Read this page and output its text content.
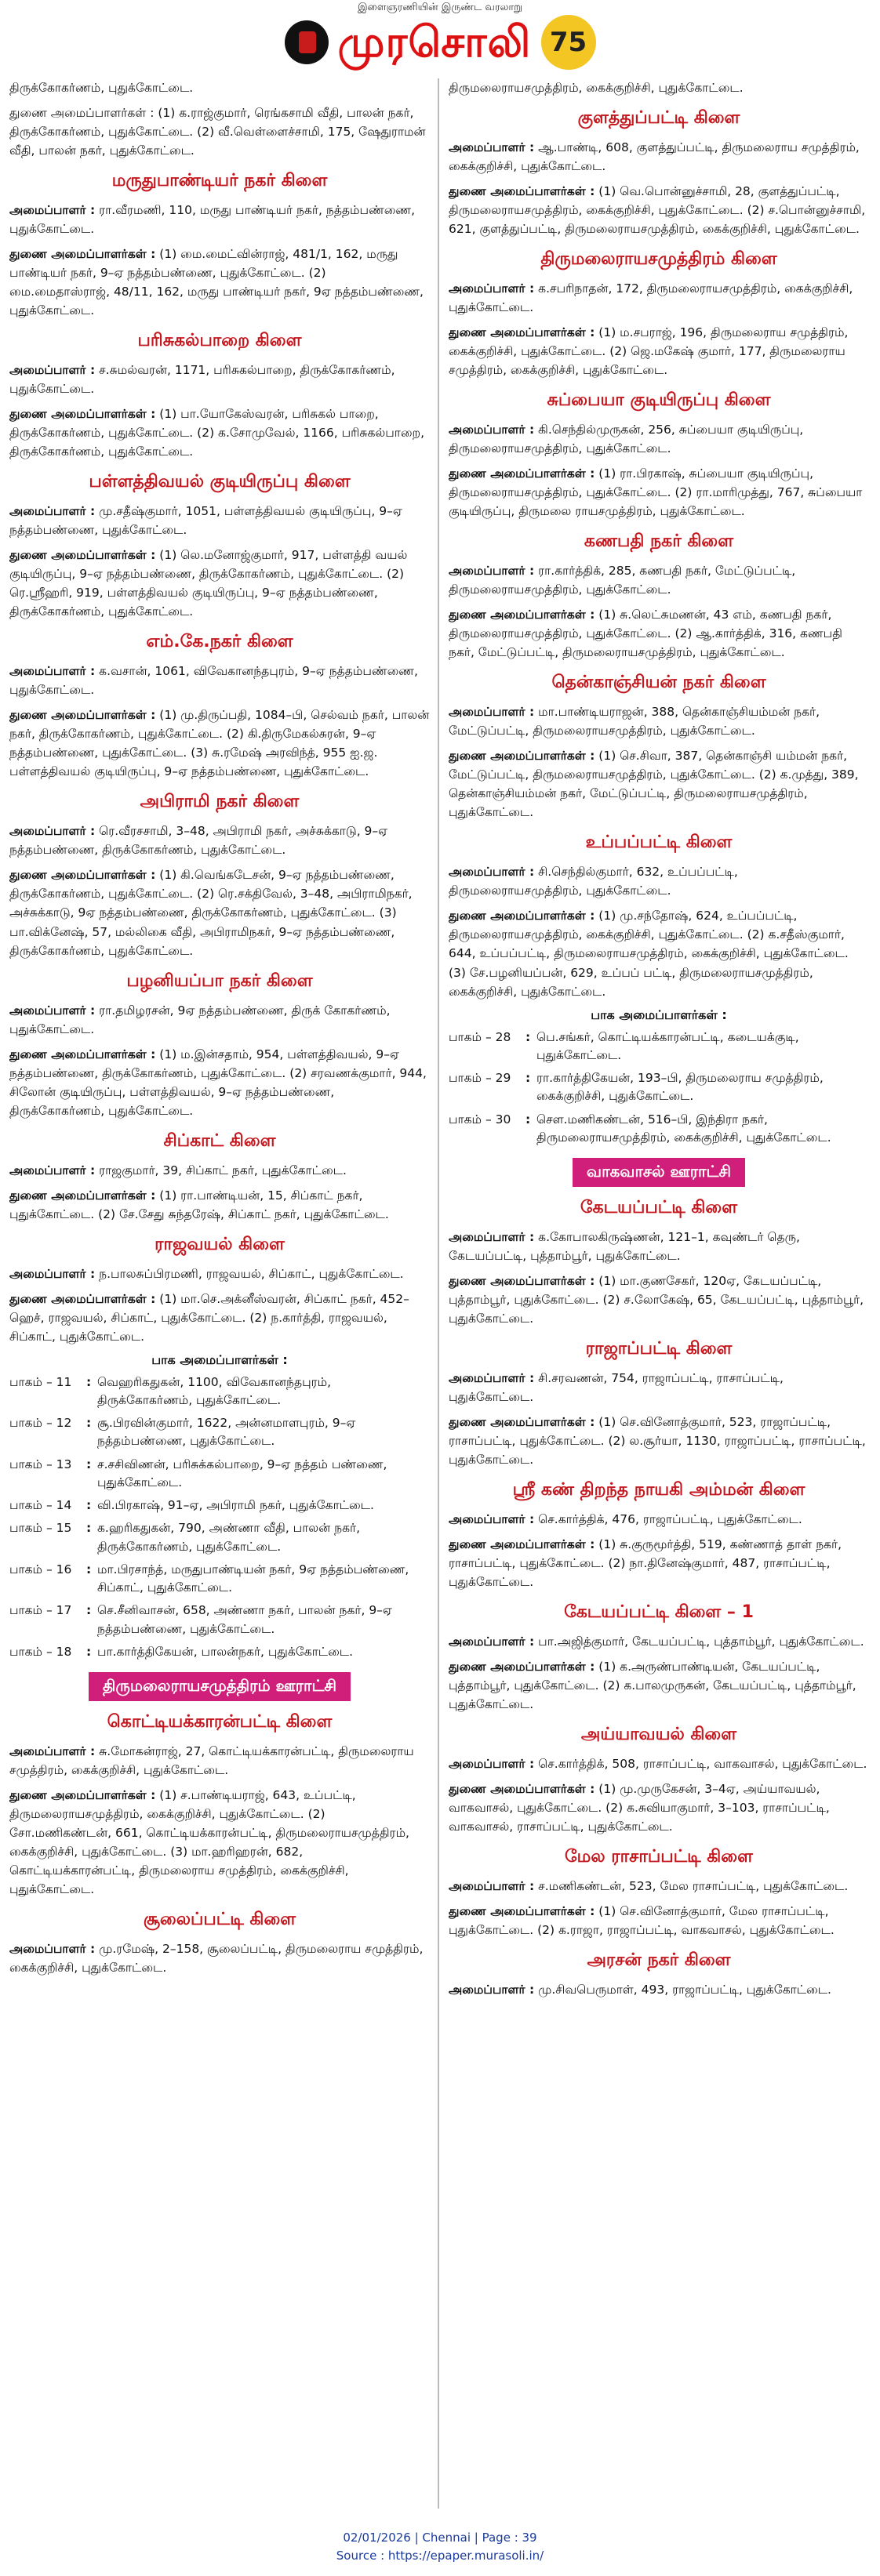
இளைஞரணியின் இருண்ட வரலாறு
முரசொலி 75
திருக்கோகர்ணம், புதுக்கோட்டை.
துணை அமைப்பாளர்கள் : (1) க.ராஜ்குமார், ரெங்கசாமி வீதி, பாலன் நகர், திருக்கோகர்ணம், புதுக்கோட்டை. (2) வீ.வெள்ளைச்சாமி, 175, ஷேதுராமன் வீதி, பாலன் நகர், புதுக்கோட்டை.
மருதுபாண்டியர் நகர் கிளை
அமைப்பாளர் : ரா.வீரமணி, 110, மருது பாண்டியர் நகர், நத்தம்பண்ணை, புதுக்கோட்டை.
துணை அமைப்பாளர்கள் : (1) மை.மைட்வின்ராஜ், 481/1, 162, மருது பாண்டியர் நகர், 9–ஏ நத்தம்பண்ணை, புதுக்கோட்டை. (2) மை.மைதாஸ்ராஜ், 48/11, 162, மருது பாண்டியர் நகர், 9ஏ நத்தம்பண்ணை, புதுக்கோட்டை.
பரிசுகல்பாறை கிளை
அமைப்பாளர் : ச.சுமல்வரன், 1171, பரிசுகல்பாறை, திருக்கோகர்ணம், புதுக்கோட்டை.
துணை அமைப்பாளர்கள் : (1) பா.யோகேஸ்வரன், பரிசுகல் பாறை, திருக்கோகர்ணம், புதுக்கோட்டை. (2) க.சோமுவேல், 1166, பரிசுகல்பாறை, திருக்கோகர்ணம், புதுக்கோட்டை.
பள்ளத்திவயல் குடியிருப்பு கிளை
அமைப்பாளர் : மு.சதீஷ்குமார், 1051, பள்ளத்திவயல் குடியிருப்பு, 9–ஏ நத்தம்பண்ணை, புதுக்கோட்டை.
துணை அமைப்பாளர்கள் : (1) லெ.மனோஜ்குமார், 917, பள்ளத்தி வயல் குடியிருப்பு, 9–ஏ நத்தம்பண்ணை, திருக்கோகர்ணம், புதுக்கோட்டை. (2) ரெ.ஸ்ரீஹரி, 919, பள்ளத்திவயல் குடியிருப்பு, 9–ஏ நத்தம்பண்ணை, திருக்கோகர்ணம், புதுக்கோட்டை.
எம்.கே.நகர் கிளை
அமைப்பாளர் : க.வசான், 1061, விவேகானந்தபுரம், 9–ஏ நத்தம்பண்ணை, புதுக்கோட்டை.
துணை அமைப்பாளர்கள் : (1) மு.திருப்பதி, 1084–பி, செல்வம் நகர், பாலன் நகர், திருக்கோகர்ணம், புதுக்கோட்டை. (2) கி.திருமேகல்சுரன், 9–ஏ நத்தம்பண்ணை, புதுக்கோட்டை. (3) சு.ரமேஷ் அரவிந்த், 955 ஐ.ஜ. பள்ளத்திவயல் குடியிருப்பு, 9–ஏ நத்தம்பண்ணை, புதுக்கோட்டை.
அபிராமி நகர் கிளை
அமைப்பாளர் : ரெ.வீரசசாமி, 3–48, அபிராமி நகர், அச்சுக்காடு, 9–ஏ நத்தம்பண்ணை, திருக்கோகர்ணம், புதுக்கோட்டை.
துணை அமைப்பாளர்கள் : (1) கி.வெங்கடேசன், 9–ஏ நத்தம்பண்ணை, திருக்கோகர்ணம், புதுக்கோட்டை. (2) ரெ.சக்திவேல், 3–48, அபிராமிநகர், அச்சுக்காடு, 9ஏ நத்தம்பண்ணை, திருக்கோகர்ணம், புதுக்கோட்டை. (3) பா.விக்னேஷ், 57, மல்லிகை வீதி, அபிராமிநகர், 9–ஏ நத்தம்பண்ணை, திருக்கோகர்ணம், புதுக்கோட்டை.
பழனியப்பா நகர் கிளை
அமைப்பாளர் : ரா.தமிழரசன், 9ஏ நத்தம்பண்ணை, திருக் கோகர்ணம், புதுக்கோட்டை.
துணை அமைப்பாளர்கள் : (1) ம.இன்சதாம், 954, பள்ளத்திவயல், 9–ஏ நத்தம்பண்ணை, திருக்கோகர்ணம், புதுக்கோட்டை. (2) சரவணக்குமார், 944, சிலோன் குடியிருப்பு, பள்ளத்திவயல், 9–ஏ நத்தம்பண்ணை, திருக்கோகர்ணம், புதுக்கோட்டை.
சிப்காட் கிளை
அமைப்பாளர் : ராஜகுமார், 39, சிப்காட் நகர், புதுக்கோட்டை.
துணை அமைப்பாளர்கள் : (1) ரா.பாண்டியன், 15, சிப்காட் நகர், புதுக்கோட்டை. (2) சே.சேது சுந்தரேஷ், சிப்காட் நகர், புதுக்கோட்டை.
ராஜவயல் கிளை
அமைப்பாளர் : ந.பாலசுப்பிரமணி, ராஜவயல், சிப்காட், புதுக்கோட்டை.
துணை அமைப்பாளர்கள் : (1) மா.செ.அக்னீஸ்வரன், சிப்காட் நகர், 452–ஹெச், ராஜவயல், சிப்காட், புதுக்கோட்டை. (2) ந.கார்த்தி, ராஜவயல், சிப்காட், புதுக்கோட்டை.
பாக அமைப்பாளர்கள் :
பாகம் – 11	: வெஹரிகதுகன், 1100, விவேகானந்தபுரம், திருக்கோகர்ணம், புதுக்கோட்டை.
பாகம் – 12	: சூ.பிரவின்குமார், 1622, அன்னமாளபுரம், 9–ஏ நத்தம்பண்ணை, புதுக்கோட்டை.
பாகம் – 13	: ச.சசிவிணன், பரிசுக்கல்பாறை, 9–ஏ நத்தம் பண்ணை, புதுக்கோட்டை.
பாகம் – 14	: வி.பிரகாஷ், 91–ஏ, அபிராமி நகர், புதுக்கோட்டை.
பாகம் – 15	: க.ஹரிகதுகன், 790, அண்ணா வீதி, பாலன் நகர், திருக்கோகர்ணம், புதுக்கோட்டை.
பாகம் – 16	: மா.பிரசாந்த், மருதுபாண்டியன் நகர், 9ஏ நத்தம்பண்ணை, சிப்காட், புதுக்கோட்டை.
பாகம் – 17	: செ.சீனிவாசன், 658, அண்ணா நகர், பாலன் நகர், 9–ஏ நத்தம்பண்ணை, புதுக்கோட்டை.
பாகம் – 18	: பா.கார்த்திகேயன், பாலன்நகர், புதுக்கோட்டை.
திருமலைராயசமுத்திரம் ஊராட்சி
கொட்டியக்காரன்பட்டி கிளை
அமைப்பாளர் : சு.மோகன்ராஜ், 27, கொட்டியக்காரன்பட்டி, திருமலைராய சமுத்திரம், கைக்குறிச்சி, புதுக்கோட்டை.
துணை அமைப்பாளர்கள் : (1) ச.பாண்டியராஜ், 643, உப்பட்டி, திருமலைராயசமுத்திரம், கைக்குறிச்சி, புதுக்கோட்டை. (2) சோ.மணிகண்டன், 661, கொட்டியக்காரன்பட்டி, திருமலைராயசமுத்திரம், கைக்குறிச்சி, புதுக்கோட்டை. (3) மா.ஹரிஹரன், 682, கொட்டியக்காரன்பட்டி, திருமலைராய சமுத்திரம், கைக்குறிச்சி, புதுக்கோட்டை.
சூலைப்பட்டி கிளை
அமைப்பாளர் : மு.ரமேஷ், 2–158, சூலைப்பட்டி, திருமலைராய சமுத்திரம், கைக்குறிச்சி, புதுக்கோட்டை.
திருமலைராயசமுத்திரம், கைக்குறிச்சி, புதுக்கோட்டை.
குளத்துப்பட்டி கிளை
அமைப்பாளர் : ஆ.பாண்டி, 608, குளத்துப்பட்டி, திருமலைராய சமுத்திரம், கைக்குறிச்சி, புதுக்கோட்டை.
துணை அமைப்பாளர்கள் : (1) வெ.பொன்னுச்சாமி, 28, குளத்துப்பட்டி, திருமலைராயசமுத்திரம், கைக்குறிச்சி, புதுக்கோட்டை. (2) ச.பொன்னுச்சாமி, 621, குளத்துப்பட்டி, திருமலைராயசமுத்திரம், கைக்குறிச்சி, புதுக்கோட்டை.
திருமலைராயசமுத்திரம் கிளை
அமைப்பாளர் : க.சபரிநாதன், 172, திருமலைராயசமுத்திரம், கைக்குறிச்சி, புதுக்கோட்டை.
துணை அமைப்பாளர்கள் : (1) ம.சபராஜ், 196, திருமலைராய சமுத்திரம், கைக்குறிச்சி, புதுக்கோட்டை. (2) ஜெ.மகேஷ் குமார், 177, திருமலைராய சமுத்திரம், கைக்குறிச்சி, புதுக்கோட்டை.
சுப்பையா குடியிருப்பு கிளை
அமைப்பாளர் : கி.செந்தில்முருகன், 256, சுப்பையா குடியிருப்பு, திருமலைராயசமுத்திரம், புதுக்கோட்டை.
துணை அமைப்பாளர்கள் : (1) ரா.பிரகாஷ், சுப்பையா குடியிருப்பு, திருமலைராயசமுத்திரம், புதுக்கோட்டை. (2) ரா.மாரிமுத்து, 767, சுப்பையா குடியிருப்பு, திருமலை ராயசமுத்திரம், புதுக்கோட்டை.
கணபதி நகர் கிளை
அமைப்பாளர் : ரா.கார்த்திக், 285, கணபதி நகர், மேட்டுப்பட்டி, திருமலைராயசமுத்திரம், புதுக்கோட்டை.
துணை அமைப்பாளர்கள் : (1) சு.லெட்சுமணன், 43 எம், கணபதி நகர், திருமலைராயசமுத்திரம், புதுக்கோட்டை. (2) ஆ.கார்த்திக், 316, கணபதி நகர், மேட்டுப்பட்டி, திருமலைராயசமுத்திரம், புதுக்கோட்டை.
தென்காஞ்சியன் நகர் கிளை
அமைப்பாளர் : மா.பாண்டியராஜன், 388, தென்காஞ்சியம்மன் நகர், மேட்டுப்பட்டி, திருமலைராயசமுத்திரம், புதுக்கோட்டை.
துணை அமைப்பாளர்கள் : (1) செ.சிவா, 387, தென்காஞ்சி யம்மன் நகர், மேட்டுப்பட்டி, திருமலைராயசமுத்திரம், புதுக்கோட்டை. (2) க.முத்து, 389, தென்காஞ்சியம்மன் நகர், மேட்டுப்பட்டி, திருமலைராயசமுத்திரம், புதுக்கோட்டை.
உப்பப்பட்டி கிளை
அமைப்பாளர் : சி.செந்தில்குமார், 632, உப்பப்பட்டி, திருமலைராயசமுத்திரம், புதுக்கோட்டை.
துணை அமைப்பாளர்கள் : (1) மு.சந்தோஷ், 624, உப்பப்பட்டி, திருமலைராயசமுத்திரம், கைக்குறிச்சி, புதுக்கோட்டை. (2) க.சதீஸ்குமார், 644, உப்பப்பட்டி, திருமலைராயசமுத்திரம், கைக்குறிச்சி, புதுக்கோட்டை. (3) சே.பழனியப்பன், 629, உப்பப் பட்டி, திருமலைராயசமுத்திரம், கைக்குறிச்சி, புதுக்கோட்டை.
பாக அமைப்பாளர்கள் :
பாகம் – 28	: பெ.சங்கர், கொட்டியக்காரன்பட்டி, கடையக்குடி, புதுக்கோட்டை.
பாகம் – 29	: ரா.கார்த்திகேயன், 193–பி, திருமலைராய சமுத்திரம், கைக்குறிச்சி, புதுக்கோட்டை.
பாகம் – 30	: சௌ.மணிகண்டன், 516–பி, இந்திரா நகர், திருமலைராயசமுத்திரம், கைக்குறிச்சி, புதுக்கோட்டை.
வாகவாசல் ஊராட்சி
கேடயப்பட்டி கிளை
அமைப்பாளர் : க.கோபாலகிருஷ்ணன், 121–1, கவுண்டர் தெரு, கேடயப்பட்டி, புத்தாம்பூர், புதுக்கோட்டை.
துணை அமைப்பாளர்கள் : (1) மா.குணசேகர், 120ஏ, கேடயப்பட்டி, புத்தாம்பூர், புதுக்கோட்டை. (2) ச.லோகேஷ், 65, கேடயப்பட்டி, புத்தாம்பூர், புதுக்கோட்டை.
ராஜாப்பட்டி கிளை
அமைப்பாளர் : சி.சரவணன், 754, ராஜாப்பட்டி, ராசாப்பட்டி, புதுக்கோட்டை.
துணை அமைப்பாளர்கள் : (1) செ.வினோத்குமார், 523, ராஜாப்பட்டி, ராசாப்பட்டி, புதுக்கோட்டை. (2) ல.சூர்யா, 1130, ராஜாப்பட்டி, ராசாப்பட்டி, புதுக்கோட்டை.
ஸ்ரீ கண் திறந்த நாயகி அம்மன் கிளை
அமைப்பாளர் : செ.கார்த்திக், 476, ராஜாப்பட்டி, புதுக்கோட்டை.
துணை அமைப்பாளர்கள் : (1) சு.குருமூர்த்தி, 519, கண்ணாத் தாள் நகர், ராசாப்பட்டி, புதுக்கோட்டை. (2) நா.தினேஷ்குமார், 487, ராசாப்பட்டி, புதுக்கோட்டை.
கேடயப்பட்டி கிளை – 1
அமைப்பாளர் : பா.அஜித்குமார், கேடயப்பட்டி, புத்தாம்பூர், புதுக்கோட்டை.
துணை அமைப்பாளர்கள் : (1) க.அருண்பாண்டியன், கேடயப்பட்டி, புத்தாம்பூர், புதுக்கோட்டை. (2) க.பாலமுருகன், கேடயப்பட்டி, புத்தாம்பூர், புதுக்கோட்டை.
அய்யாவயல் கிளை
அமைப்பாளர் : செ.கார்த்திக், 508, ராசாப்பட்டி, வாகவாசல், புதுக்கோட்டை.
துணை அமைப்பாளர்கள் : (1) மு.முருகேசன், 3–4ஏ, அய்யாவயல், வாகவாசல், புதுக்கோட்டை. (2) க.சுவியாகுமார், 3–103, ராசாப்பட்டி, வாகவாசல், ராசாப்பட்டி, புதுக்கோட்டை.
மேல ராசாப்பட்டி கிளை
அமைப்பாளர் : ச.மணிகண்டன், 523, மேல ராசாப்பட்டி, புதுக்கோட்டை.
துணை அமைப்பாளர்கள் : (1) செ.வினோத்குமார், மேல ராசாப்பட்டி, புதுக்கோட்டை. (2) க.ராஜா, ராஜாப்பட்டி, வாகவாசல், புதுக்கோட்டை.
அரசன் நகர் கிளை
அமைப்பாளர் : மு.சிவபெருமாள், 493, ராஜாப்பட்டி, புதுக்கோட்டை.
02/01/2026 | Chennai | Page : 39
Source : https://epaper.murasoli.in/
